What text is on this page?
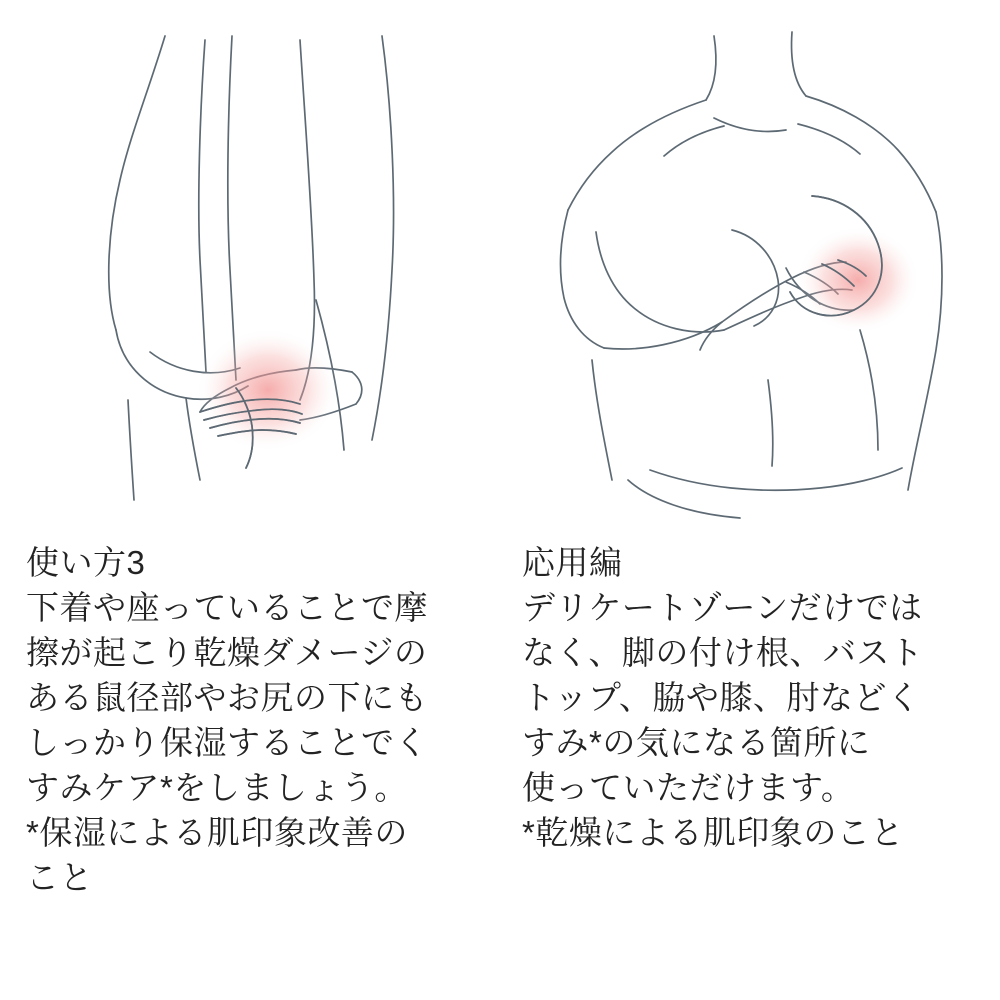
使い方3
下着や座っていることで摩
擦が起こり乾燥ダメージの
ある鼠径部やお尻の下にも
しっかり保湿することでく
すみケア*をしましょう。
*保湿による肌印象改善の
こと
応用編
デリケートゾーンだけでは
なく、脚の付け根、バスト
トップ、脇や膝、肘などく
すみ*の気になる箇所に
使っていただけます。
*乾燥による肌印象のこと
